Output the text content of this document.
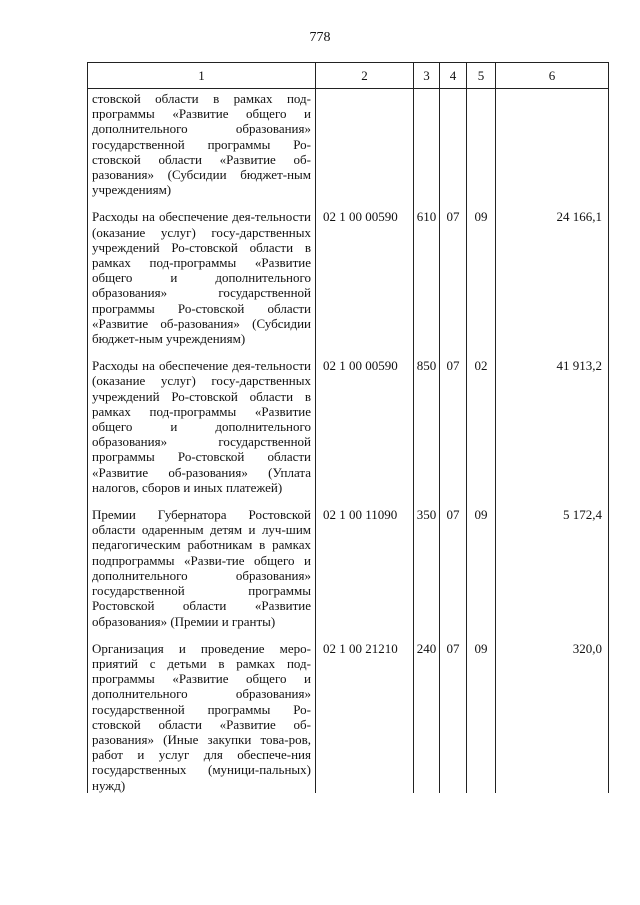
778
1	2	3	4	5	6
стовской области в рамках под-программы «Развитие общего и дополнительного образования» государственной программы Ро-стовской области «Развитие об-разования» (Субсидии бюджет-ным учреждениям)					
Расходы на обеспечение дея-тельности (оказание услуг) госу-дарственных учреждений Ро-стовской области в рамках под-программы «Развитие общего и дополнительного образования» государственной программы Ро-стовской области «Развитие об-разования» (Субсидии бюджет-ным учреждениям)	02 1 00 00590	610	07	09	24 166,1
Расходы на обеспечение дея-тельности (оказание услуг) госу-дарственных учреждений Ро-стовской области в рамках под-программы «Развитие общего и дополнительного образования» государственной программы Ро-стовской области «Развитие об-разования» (Уплата налогов, сборов и иных платежей)	02 1 00 00590	850	07	02	41 913,2
Премии Губернатора Ростовской области одаренным детям и луч-шим педагогическим работникам в рамках подпрограммы «Разви-тие общего и дополнительного образования» государственной программы Ростовской области «Развитие образования» (Премии и гранты)	02 1 00 11090	350	07	09	5 172,4
Организация и проведение меро-приятий с детьми в рамках под-программы «Развитие общего и дополнительного образования» государственной программы Ро-стовской области «Развитие об-разования» (Иные закупки това-ров, работ и услуг для обеспече-ния государственных (муници-пальных) нужд)	02 1 00 21210	240	07	09	320,0
